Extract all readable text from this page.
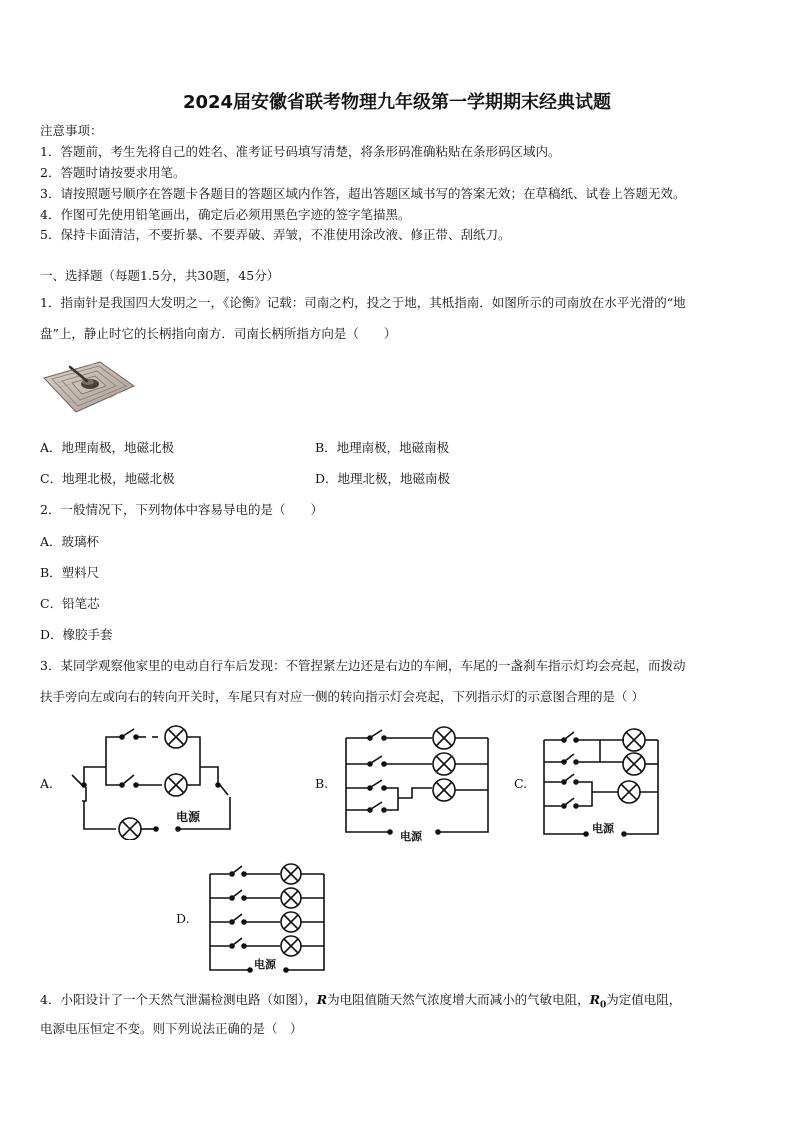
2024届安徽省联考物理九年级第一学期期末经典试题
注意事项：
1．答题前，考生先将自己的姓名、准考证号码填写清楚，将条形码准确粘贴在条形码区域内。
2．答题时请按要求用笔。
3．请按照题号顺序在答题卡各题目的答题区域内作答，超出答题区域书写的答案无效；在草稿纸、试卷上答题无效。
4．作图可先使用铅笔画出，确定后必须用黑色字迹的签字笔描黑。
5．保持卡面清洁，不要折暴、不要弄破、弄皱，不准使用涂改液、修正带、刮纸刀。
一、选择题（每题1.5分，共30题，45分）
1．指南针是我国四大发明之一，《论衡》记载：司南之杓，投之于地，其柢指南．如图所示的司南放在水平光滑的“地
盘”上，静止时它的长柄指向南方．司南长柄所指方向是（　　）
A．地理南极，地磁北极	B．地理南极，地磁南极
C．地理北极，地磁北极	D．地理北极，地磁南极
2．一般情况下，下列物体中容易导电的是（　　）
A．玻璃杯
B．塑料尺
C．铅笔芯
D．橡胶手套
3．某同学观察他家里的电动自行车后发现：不管捏紧左边还是右边的车闸，车尾的一盏刹车指示灯均会亮起，而拨动
扶手旁向左或向右的转向开关时，车尾只有对应一侧的转向指示灯会亮起，下列指示灯的示意图合理的是（ ）
A.
电源
B.
电源
C.
电源
D.
电源
4．小阳设计了一个天然气泄漏检测电路（如图），R为电阻值随天然气浓度增大而减小的气敏电阻，$R_0$为定值电阻，
电源电压恒定不变。则下列说法正确的是（　）
